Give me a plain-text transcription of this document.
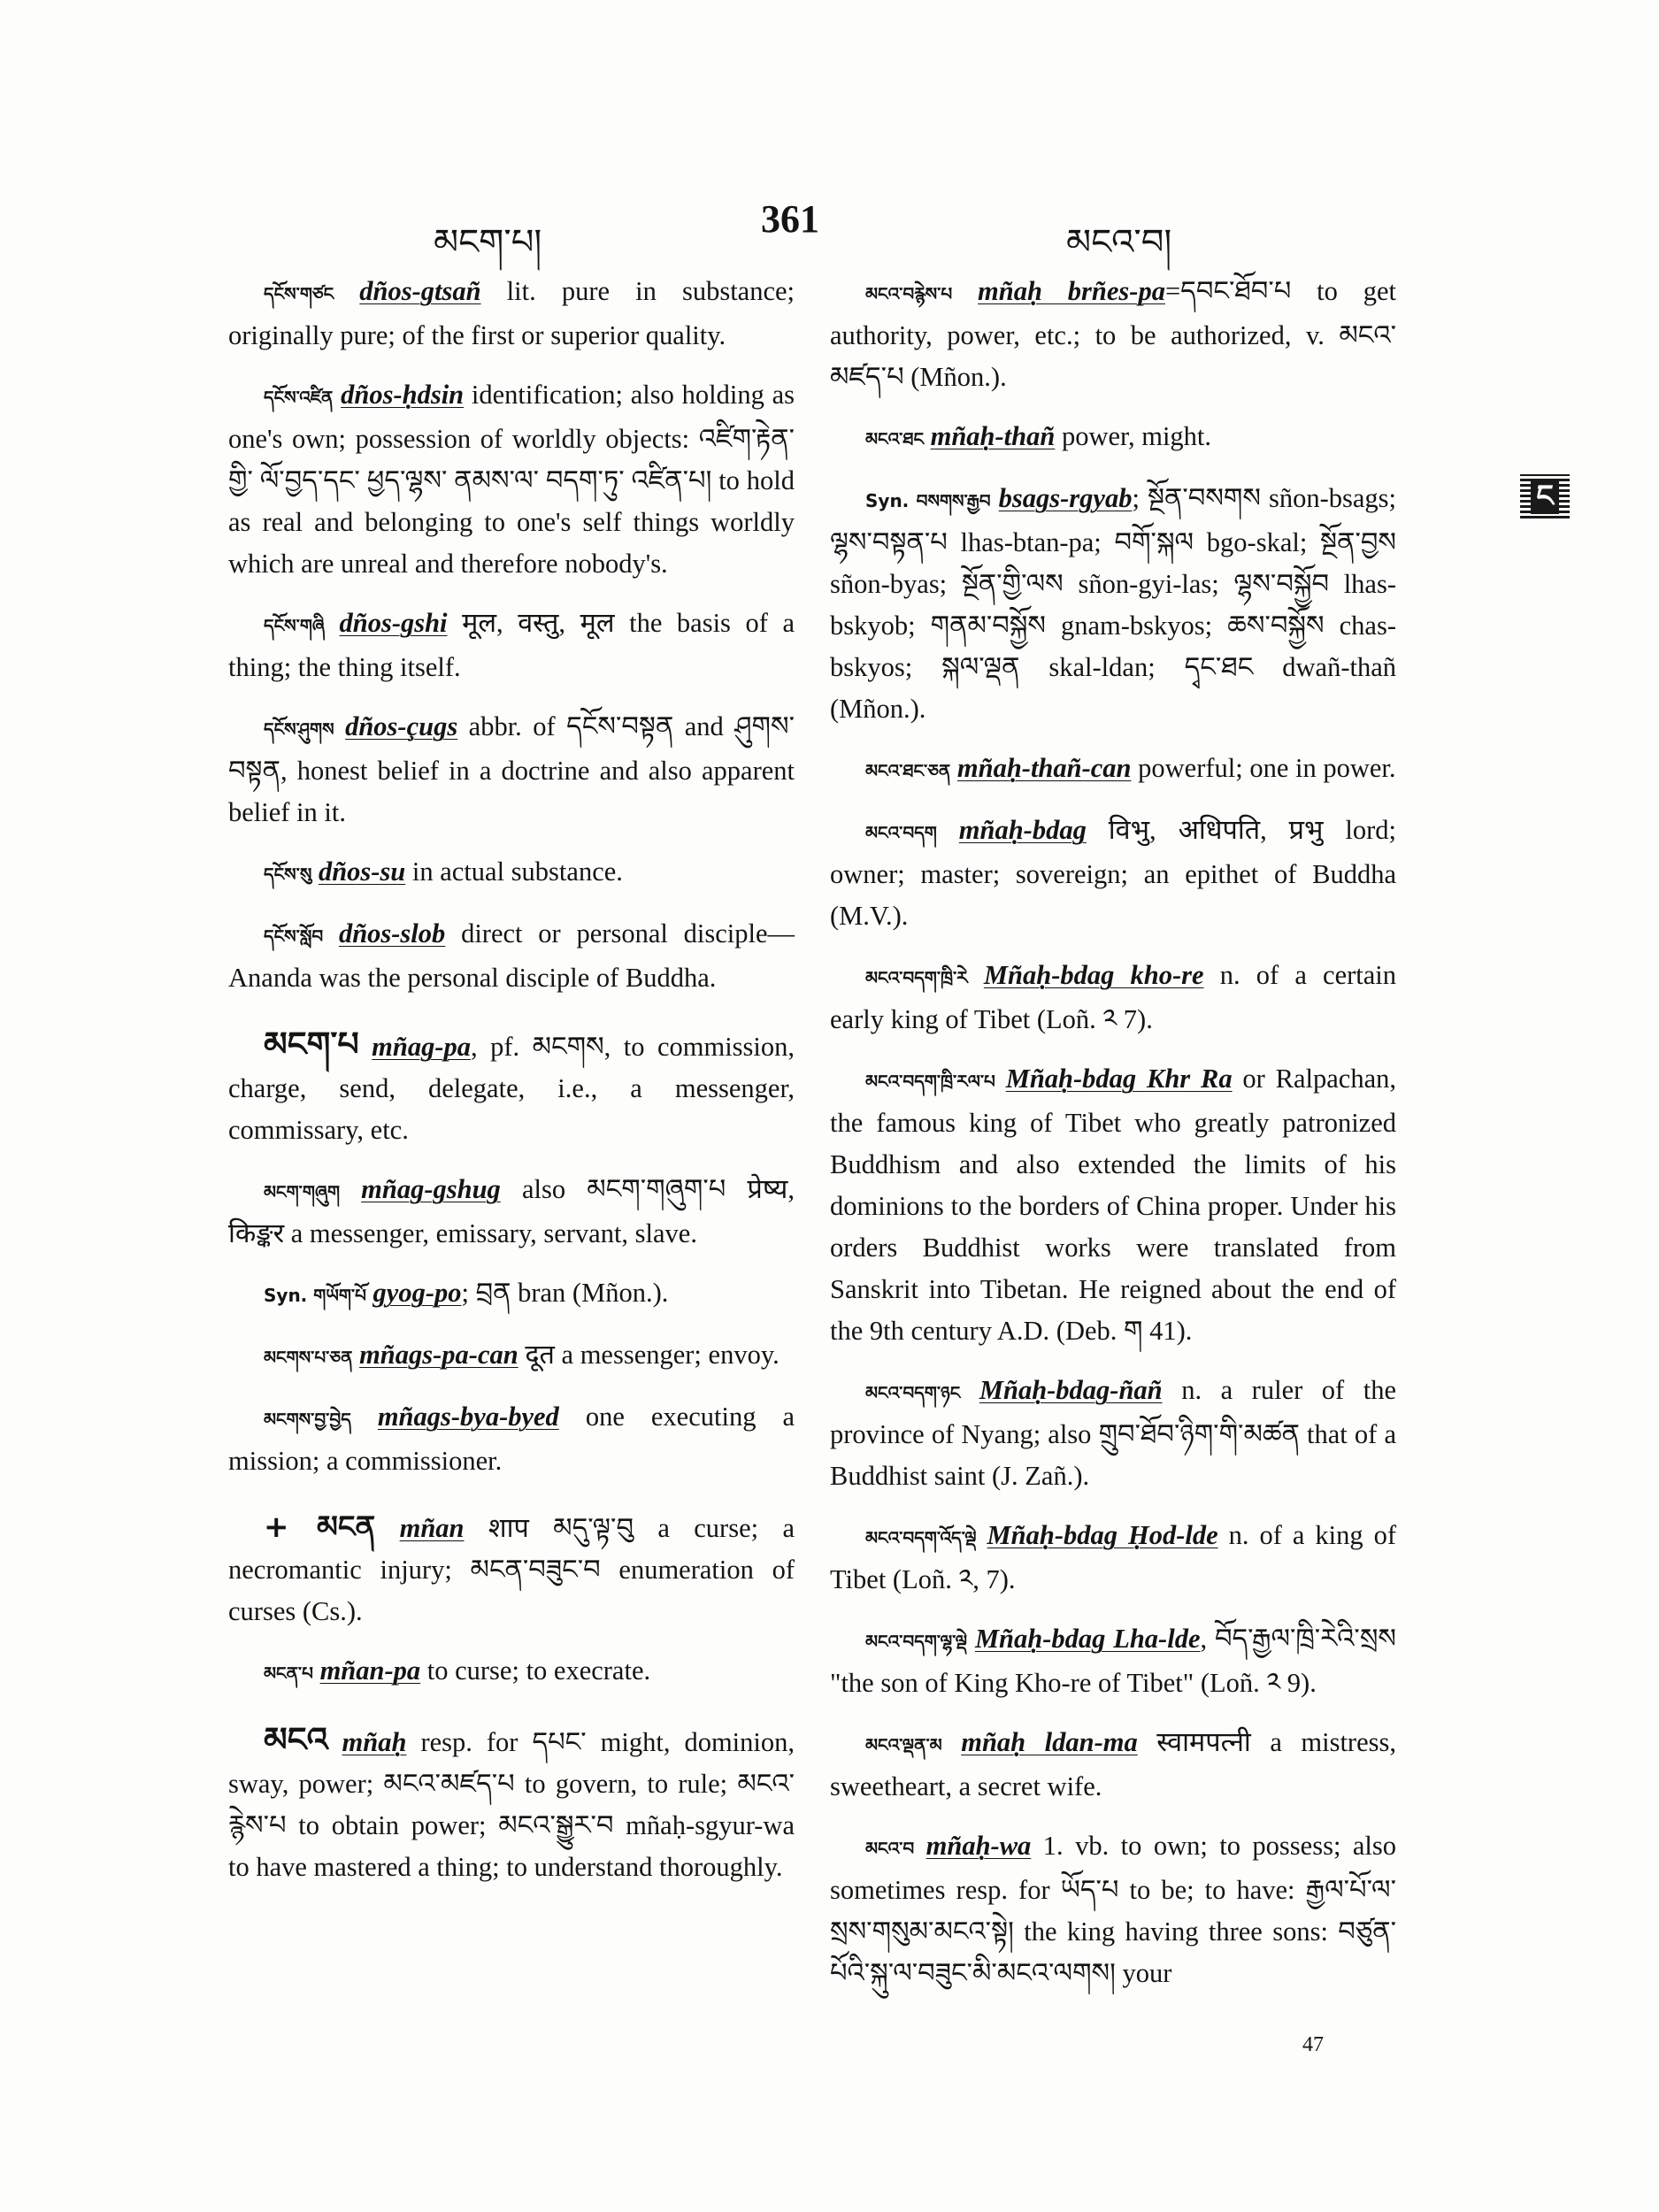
མངག་པ།
361
མངའ་བ།
ང

དངོས་གཙང dños-gtsañ lit. pure in substance; originally pure; of the first or superior quality.

དངོས་འཛིན dños-ḥdsin identification; also holding as one's own; possession of worldly objects: འཛིག་རྟེན་གྱི་ ལོ་བྱད་དང་ ཕྱད་ལྷས་ ནམས་ལ་ བདག་ཏུ་ འཛིན་པ། to hold as real and belonging to one's self things worldly which are unreal and therefore nobody's.

དངོས་གཞི dños-gshi मूल, वस्तु, मूल the basis of a thing; the thing itself.

དངོས་ཤུགས dños-çugs abbr. of དངོས་བསྟན and ཤུགས་བསྟན, honest belief in a doctrine and also apparent belief in it.

དངོས་སུ dños-su in actual substance.

དངོས་སློབ dños-slob direct or personal disciple—Ananda was the personal disciple of Buddha.

མངག་པ mñag-pa, pf. མངགས, to commission, charge, send, delegate, i.e., a messenger, commissary, etc.

མངག་གཞུག mñag-gshug also མངག་གཞུག་པ प्रेष्य, किङ्कर a messenger, emissary, servant, slave.

Syn. གཡོག་པོ gyog-po; བྲན bran (Mñon.).

མངགས་པ་ཅན mñags-pa-can दूत a messenger; envoy.

མངགས་བྱ་བྱེད mñags-bya-byed one executing a mission; a commissioner.

+ མངན mñan शाप མདུ་ལྟ་བུ a curse; a necromantic injury; མངན་བཟུང་བ enumeration of curses (Cs.).

མངན་པ mñan-pa to curse; to execrate.

མངའ mñaḥ resp. for དཔང་ might, dominion, sway, power; མངའ་མཛད་པ to govern, to rule; མངའ་རྙེས་པ to obtain power; མངའ་སྒྱུར་བ mñaḥ-sgyur-wa to have mastered a thing; to understand thoroughly.

མངའ་བརྙེས་པ mñaḥ brñes-pa=དབང་ཐོབ་པ to get authority, power, etc.; to be authorized, v. མངའ་མཛད་པ (Mñon.).

མངའ་ཐང mñaḥ-thañ power, might.

Syn. བསགས་རྒྱབ bsags-rgyab; སྔོན་བསགས sñon-bsags; ལྷས་བསྟན་པ lhas-btan-pa; བགོ་སྐལ bgo-skal; སྔོན་བྱས sñon-byas; སྔོན་གྱི་ལས sñon-gyi-las; ལྷས་བསྐྱོབ lhas-bskyob; གནམ་བསྐྱོས gnam-bskyos; ཆས་བསྐྱོས chas-bskyos; སྐལ་ལྡན skal-ldan; དྭང་ཐང dwañ-thañ (Mñon.).

མངའ་ཐང་ཅན mñaḥ-thañ-can powerful; one in power.

མངའ་བདག mñaḥ-bdag विभु, अधिपति, प्रभु lord; owner; master; sovereign; an epithet of Buddha (M.V.).

མངའ་བདག་ཁྲི་རེ Mñaḥ-bdag kho-re n. of a certain early king of Tibet (Loñ. ༢ 7).

མངའ་བདག་ཁྲི་རལ་པ Mñaḥ-bdag Khr Ra or Ralpachan, the famous king of Tibet who greatly patronized Buddhism and also extended the limits of his dominions to the borders of China proper. Under his orders Buddhist works were translated from Sanskrit into Tibetan. He reigned about the end of the 9th century A.D. (Deb. ག 41).

མངའ་བདག་ཉང Mñaḥ-bdag-ñañ n. a ruler of the province of Nyang; also གྲུབ་ཐོབ་ཉིག་གི་མཚན that of a Buddhist saint (J. Zañ.).

མངའ་བདག་འོད་ལྡེ Mñaḥ-bdag Ḥod-lde n. of a king of Tibet (Loñ. ༢, 7).

མངའ་བདག་ལྷ་ལྡེ Mñaḥ-bdag Lha-lde, བོད་རྒྱལ་ཁྲི་རེའི་སྲས "the son of King Kho-re of Tibet" (Loñ. ༢ 9).

མངའ་ལྡན་མ mñaḥ ldan-ma स्वामपत्नी a mistress, sweetheart, a secret wife.

མངའ་བ mñaḥ-wa 1. vb. to own; to possess; also sometimes resp. for ཡོད་པ to be; to have: རྒྱལ་པོ་ལ་སྲས་གསུམ་མངའ་སྟེ། the king having three sons: བཙུན་པོའི་སྐུ་ལ་བཟུང་མི་མངའ་ལགས། your

47
